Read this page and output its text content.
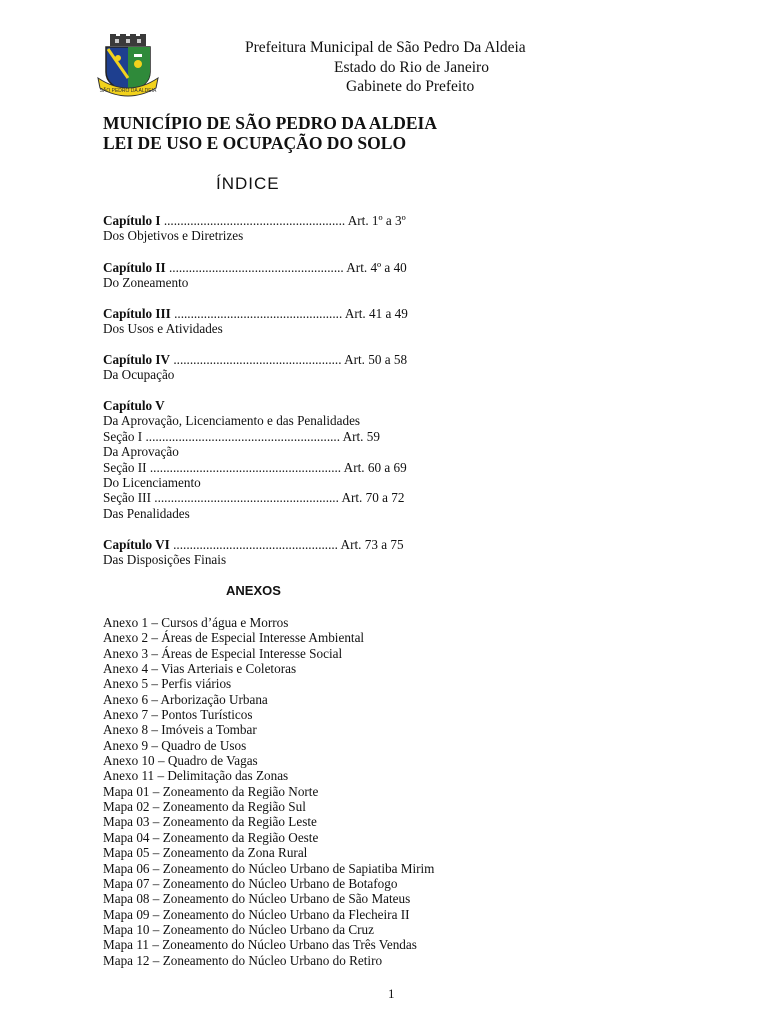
SÃO PEDRO DA ALDEIA
Prefeitura Municipal de São Pedro Da Aldeia
Estado do Rio de Janeiro
Gabinete do Prefeito
MUNICÍPIO DE SÃO PEDRO DA ALDEIA
LEI DE USO E OCUPAÇÃO DO SOLO
ÍNDICE
Capítulo I ....................................................... Art. 1º a 3º
Dos Objetivos e Diretrizes
Capítulo II ..................................................... Art. 4º a 40
Do Zoneamento
Capítulo III ................................................... Art. 41 a 49
Dos Usos e Atividades
Capítulo IV ................................................... Art. 50 a 58
Da Ocupação
Capítulo V
Da Aprovação, Licenciamento e das Penalidades
Seção I ........................................................... Art. 59
Da Aprovação
Seção II .......................................................... Art. 60 a 69
Do Licenciamento
Seção III ........................................................ Art. 70 a 72
Das Penalidades
Capítulo VI .................................................. Art. 73 a 75
Das Disposições Finais
ANEXOS
Anexo 1 – Cursos d’água e Morros
Anexo 2 – Áreas de Especial Interesse Ambiental
Anexo 3 – Áreas de Especial Interesse Social
Anexo 4 – Vias Arteriais e Coletoras
Anexo 5 – Perfis viários
Anexo 6 – Arborização Urbana
Anexo 7 – Pontos Turísticos
Anexo 8 – Imóveis a Tombar
Anexo 9 – Quadro de Usos
Anexo 10 – Quadro de Vagas
Anexo 11 – Delimitação das Zonas
Mapa 01 – Zoneamento da Região Norte
Mapa 02 – Zoneamento da Região Sul
Mapa 03 – Zoneamento da Região Leste
Mapa 04 – Zoneamento da Região Oeste
Mapa 05 – Zoneamento da Zona Rural
Mapa 06 – Zoneamento do Núcleo Urbano de Sapiatiba Mirim
Mapa 07 – Zoneamento do Núcleo Urbano de Botafogo
Mapa 08 – Zoneamento do Núcleo Urbano de São Mateus
Mapa 09 – Zoneamento do Núcleo Urbano da Flecheira II
Mapa 10 – Zoneamento do Núcleo Urbano da Cruz
Mapa 11 – Zoneamento do Núcleo Urbano das Três Vendas
Mapa 12 – Zoneamento do Núcleo Urbano do Retiro
1
